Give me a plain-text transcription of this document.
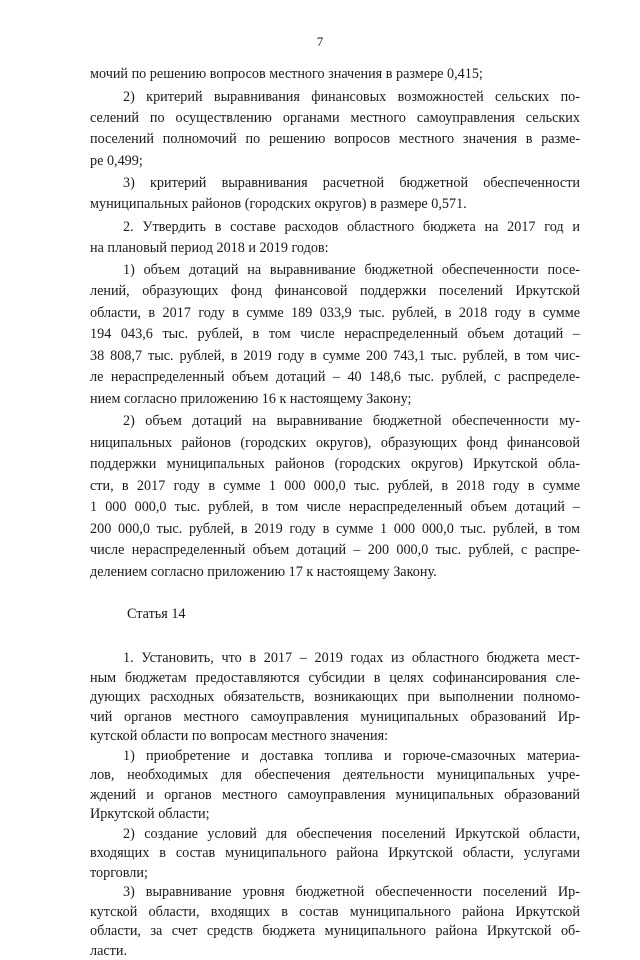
7
мочий по решению вопросов местного значения в размере 0,415;
2) критерий выравнивания финансовых возможностей сельских по-
селений по осуществлению органами местного самоуправления сельских
поселений полномочий по решению вопросов местного значения в разме-
ре 0,499;
3) критерий выравнивания расчетной бюджетной обеспеченности
муниципальных районов (городских округов) в размере 0,571.
2. Утвердить в составе расходов областного бюджета на 2017 год и
на плановый период 2018 и 2019 годов:
1) объем дотаций на выравнивание бюджетной обеспеченности посе-
лений, образующих фонд финансовой поддержки поселений Иркутской
области, в 2017 году в сумме 189 033,9 тыс. рублей, в 2018 году в сумме
194 043,6 тыс. рублей, в том числе нераспределенный объем дотаций –
38 808,7 тыс. рублей, в 2019 году в сумме 200 743,1 тыс. рублей, в том чис-
ле нераспределенный объем дотаций – 40 148,6 тыс. рублей, с распределе-
нием согласно приложению 16 к настоящему Закону;
2) объем дотаций на выравнивание бюджетной обеспеченности му-
ниципальных районов (городских округов), образующих фонд финансовой
поддержки муниципальных районов (городских округов) Иркутской обла-
сти, в 2017 году в сумме 1 000 000,0 тыс. рублей, в 2018 году в сумме
1 000 000,0 тыс. рублей, в том числе нераспределенный объем дотаций –
200 000,0 тыс. рублей, в 2019 году в сумме 1 000 000,0 тыс. рублей, в том
числе нераспределенный объем дотаций – 200 000,0 тыс. рублей, с распре-
делением согласно приложению 17 к настоящему Закону.
Статья 14
1. Установить, что в 2017 – 2019 годах из областного бюджета мест-
ным бюджетам предоставляются субсидии в целях софинансирования сле-
дующих расходных обязательств, возникающих при выполнении полномо-
чий органов местного самоуправления муниципальных образований Ир-
кутской области по вопросам местного значения:
1) приобретение и доставка топлива и горюче-смазочных материа-
лов, необходимых для обеспечения деятельности муниципальных учре-
ждений и органов местного самоуправления муниципальных образований
Иркутской области;
2) создание условий для обеспечения поселений Иркутской области,
входящих в состав муниципального района Иркутской области, услугами
торговли;
3) выравнивание уровня бюджетной обеспеченности поселений Ир-
кутской области, входящих в состав муниципального района Иркутской
области, за счет средств бюджета муниципального района Иркутской об-
ласти.
